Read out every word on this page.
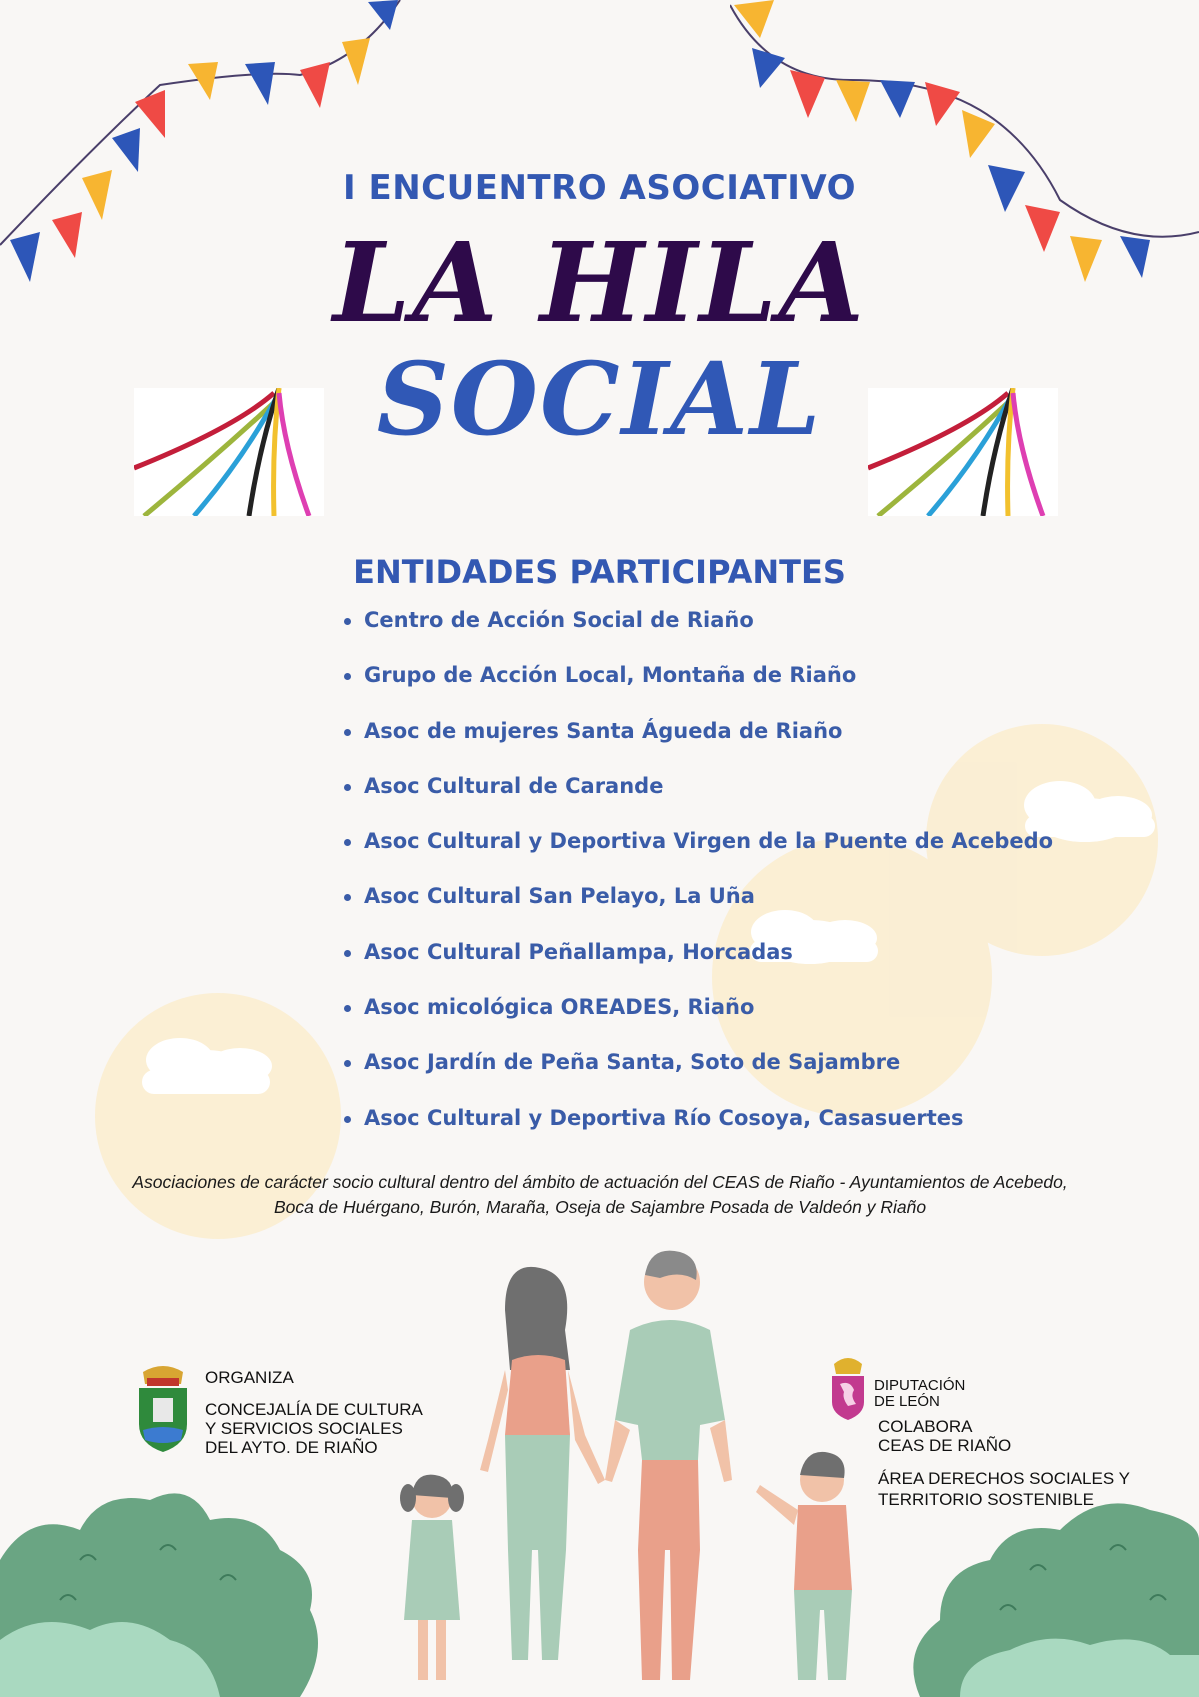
I ENCUENTRO ASOCIATIVO
LA HILA
SOCIAL
ENTIDADES PARTICIPANTES
Centro de Acción Social de Riaño
Grupo de Acción Local, Montaña de Riaño
Asoc de mujeres Santa Águeda de Riaño
Asoc Cultural de Carande
Asoc Cultural y Deportiva Virgen de la Puente de Acebedo
Asoc Cultural San Pelayo, La Uña
Asoc Cultural Peñallampa, Horcadas
Asoc micológica OREADES, Riaño
Asoc Jardín de Peña Santa, Soto de Sajambre
Asoc Cultural y Deportiva Río Cosoya, Casasuertes
Asociaciones de carácter socio cultural dentro del ámbito de actuación del CEAS de Riaño - Ayuntamientos de Acebedo,
Boca de Huérgano, Burón, Maraña, Oseja de Sajambre Posada de Valdeón y Riaño
ORGANIZA
CONCEJALÍA DE CULTURA
Y SERVICIOS SOCIALES
DEL AYTO. DE RIAÑO
DIPUTACIÓN
DE LEÓN
COLABORA
CEAS DE RIAÑO
ÁREA DERECHOS SOCIALES Y
TERRITORIO SOSTENIBLE
